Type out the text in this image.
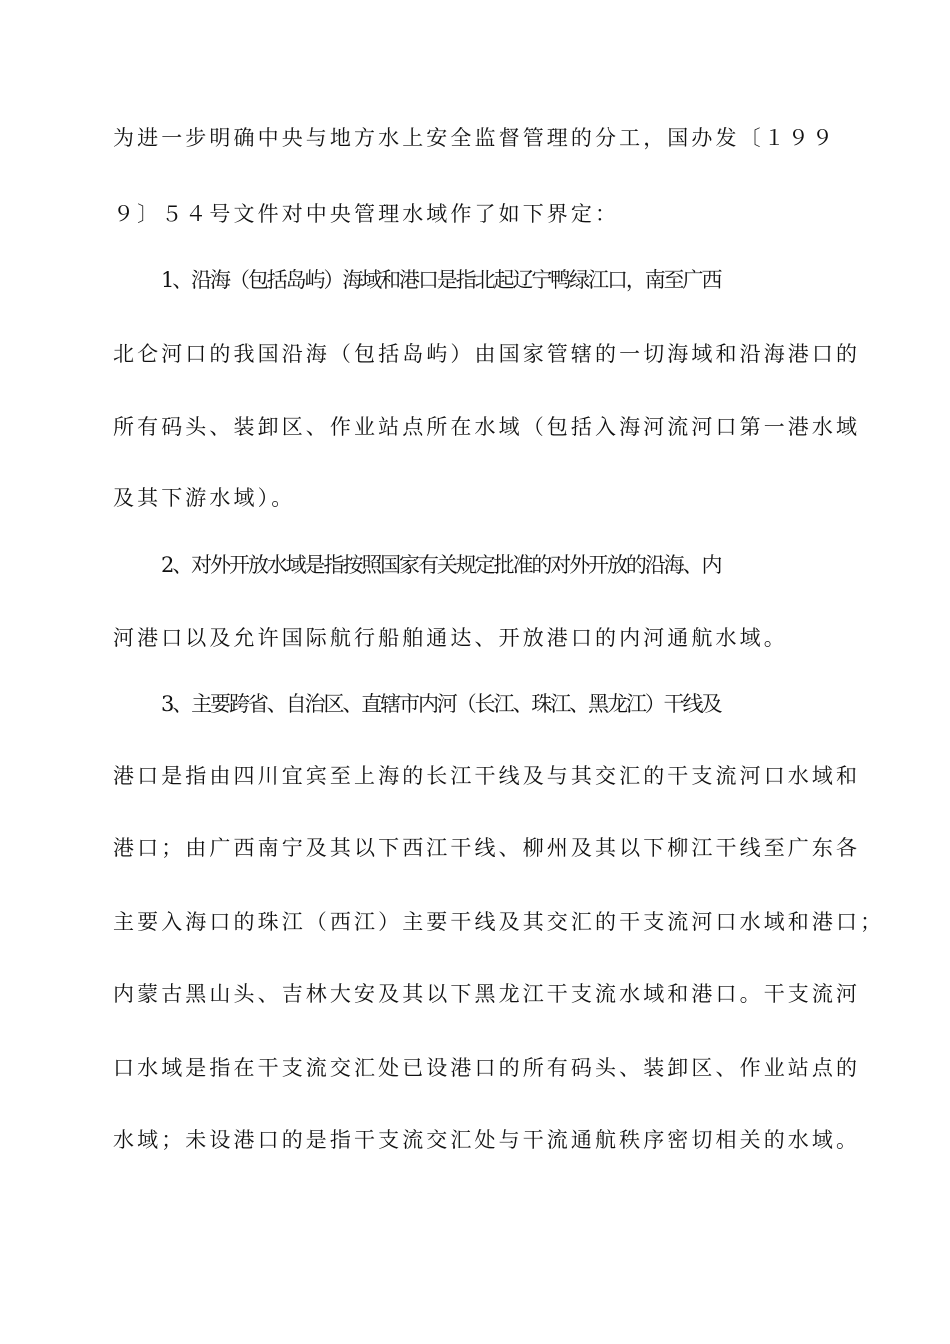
为进一步明确中央与地方水上安全监督管理的分工，国办发〔１９９

９〕５４号文件对中央管理水域作了如下界定：

1、沿海（包括岛屿）海域和港口是指北起辽宁鸭绿江口，南至广西

北仑河口的我国沿海（包括岛屿）由国家管辖的一切海域和沿海港口的

所有码头、装卸区、作业站点所在水域（包括入海河流河口第一港水域

及其下游水域）。

2、对外开放水域是指按照国家有关规定批准的对外开放的沿海、内

河港口以及允许国际航行船舶通达、开放港口的内河通航水域。

3、主要跨省、自治区、直辖市内河（长江、珠江、黑龙江）干线及

港口是指由四川宜宾至上海的长江干线及与其交汇的干支流河口水域和

港口；由广西南宁及其以下西江干线、柳州及其以下柳江干线至广东各

主要入海口的珠江（西江）主要干线及其交汇的干支流河口水域和港口；

内蒙古黑山头、吉林大安及其以下黑龙江干支流水域和港口。干支流河

口水域是指在干支流交汇处已设港口的所有码头、装卸区、作业站点的

水域；未设港口的是指干支流交汇处与干流通航秩序密切相关的水域。
